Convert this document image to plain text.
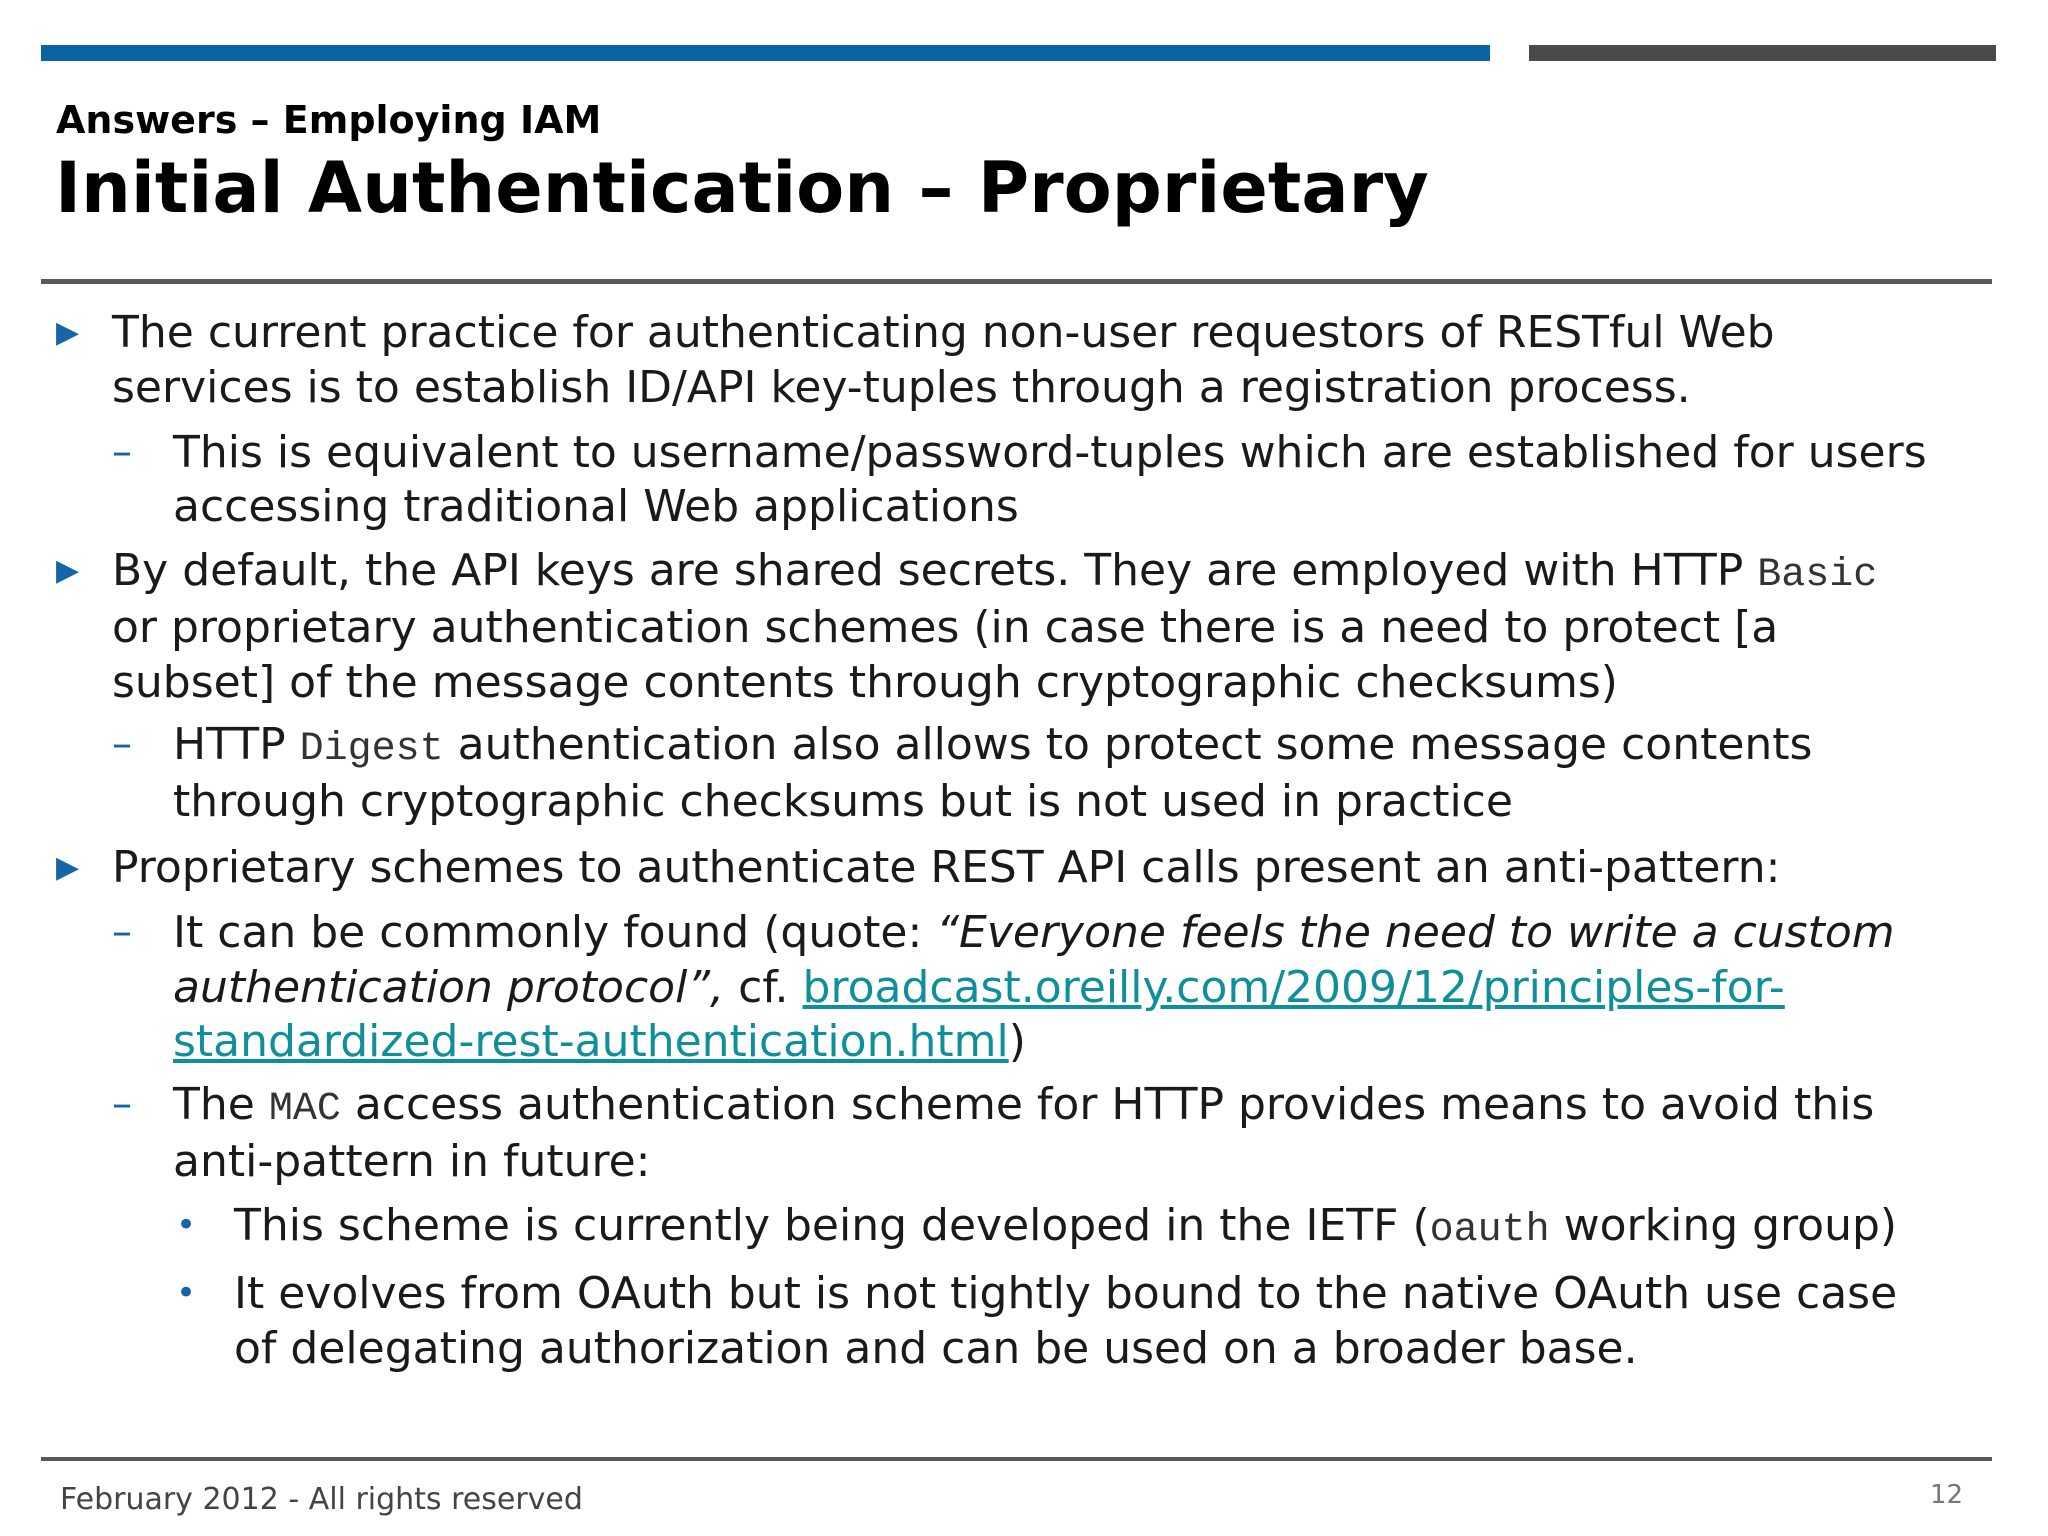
Answers – Employing IAM
Initial Authentication – Proprietary
▶ The current practice for authenticating non-user requestors of RESTful Web

services is to establish ID/API key-tuples through a registration process.

– This is equivalent to username/password-tuples which are established for users

accessing traditional Web applications

▶ By default, the API keys are shared secrets. They are employed with HTTP Basic

or proprietary authentication schemes (in case there is a need to protect [a

subset] of the message contents through cryptographic checksums)

– HTTP Digest authentication also allows to protect some message contents

through cryptographic checksums but is not used in practice

▶ Proprietary schemes to authenticate REST API calls present an anti-pattern:

– It can be commonly found (quote: “Everyone feels the need to write a custom

authentication protocol”, cf. broadcast.oreilly.com/2009/12/principles-for-

standardized-rest-authentication.html)

– The MAC access authentication scheme for HTTP provides means to avoid this

anti-pattern in future:

• This scheme is currently being developed in the IETF (oauth working group)

• It evolves from OAuth but is not tightly bound to the native OAuth use case

of delegating authorization and can be used on a broader base.

February 2012 - All rights reserved	12
